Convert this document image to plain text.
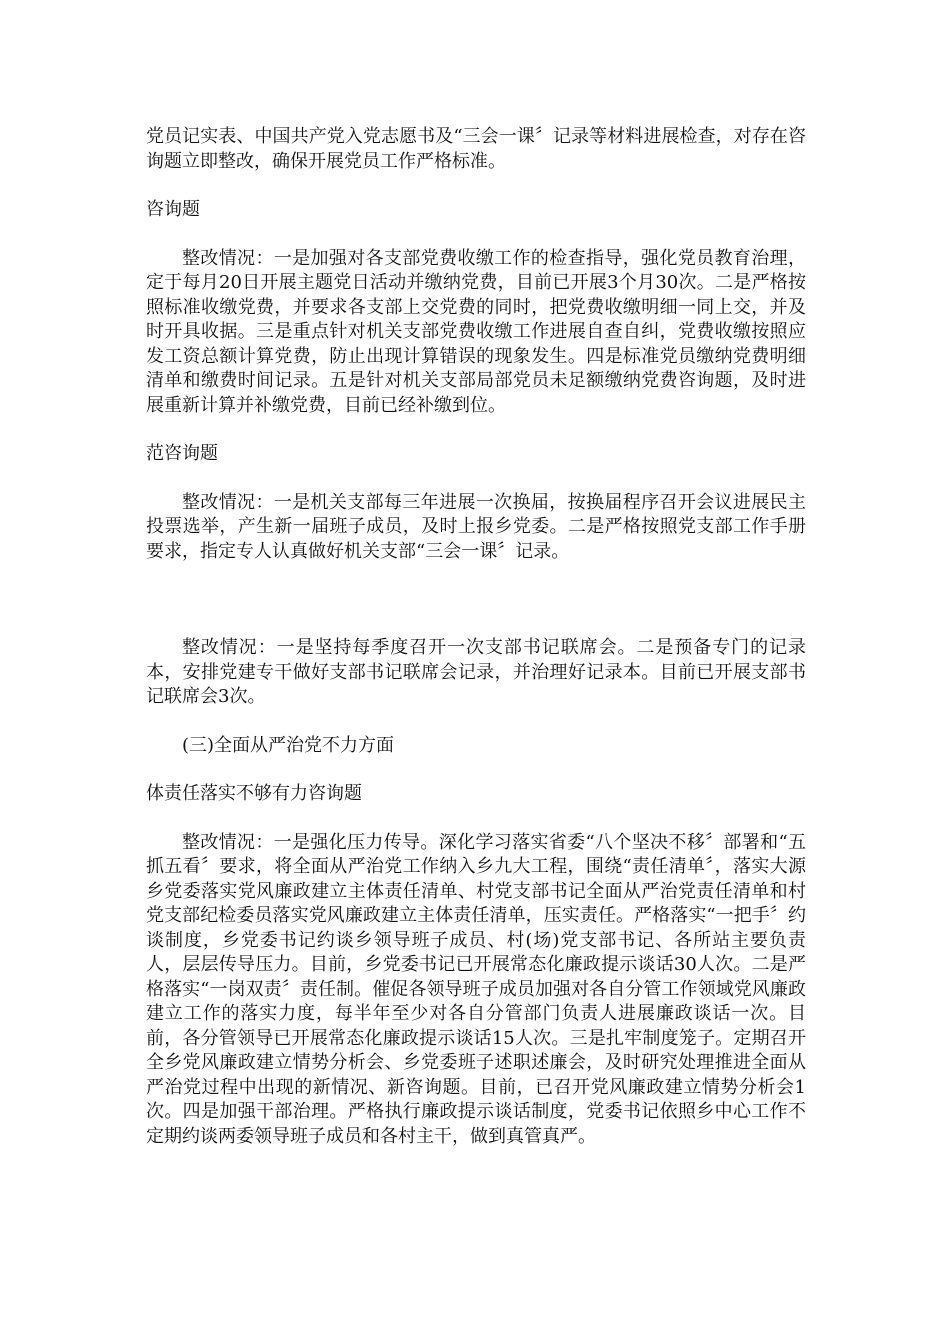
党员记实表、中国共产党入党志愿书及“三会一课〞记录等材料进展检查，对存在咨询题立即整改，确保开展党员工作严格标准。

咨询题

整改情况：一是加强对各支部党费收缴工作的检查指导，强化党员教育治理，定于每月20日开展主题党日活动并缴纳党费，目前已开展3个月30次。二是严格按照标准收缴党费，并要求各支部上交党费的同时，把党费收缴明细一同上交，并及时开具收据。三是重点针对机关支部党费收缴工作进展自查自纠，党费收缴按照应发工资总额计算党费，防止出现计算错误的现象发生。四是标准党员缴纳党费明细清单和缴费时间记录。五是针对机关支部局部党员未足额缴纳党费咨询题，及时进展重新计算并补缴党费，目前已经补缴到位。

范咨询题

整改情况：一是机关支部每三年进展一次换届，按换届程序召开会议进展民主投票选举，产生新一届班子成员，及时上报乡党委。二是严格按照党支部工作手册要求，指定专人认真做好机关支部“三会一课〞记录。

整改情况：一是坚持每季度召开一次支部书记联席会。二是预备专门的记录本，安排党建专干做好支部书记联席会记录，并治理好记录本。目前已开展支部书记联席会3次。

(三)全面从严治党不力方面

体责任落实不够有力咨询题

整改情况：一是强化压力传导。深化学习落实省委“八个坚决不移〞部署和“五抓五看〞要求，将全面从严治党工作纳入乡九大工程，围绕“责任清单〞，落实大源乡党委落实党风廉政建立主体责任清单、村党支部书记全面从严治党责任清单和村党支部纪检委员落实党风廉政建立主体责任清单，压实责任。严格落实“一把手〞约谈制度，乡党委书记约谈乡领导班子成员、村(场)党支部书记、各所站主要负责人，层层传导压力。目前，乡党委书记已开展常态化廉政提示谈话30人次。二是严格落实“一岗双责〞责任制。催促各领导班子成员加强对各自分管工作领域党风廉政建立工作的落实力度，每半年至少对各自分管部门负责人进展廉政谈话一次。目前，各分管领导已开展常态化廉政提示谈话15人次。三是扎牢制度笼子。定期召开全乡党风廉政建立情势分析会、乡党委班子述职述廉会，及时研究处理推进全面从严治党过程中出现的新情况、新咨询题。目前，已召开党风廉政建立情势分析会1次。四是加强干部治理。严格执行廉政提示谈话制度，党委书记依照乡中心工作不定期约谈两委领导班子成员和各村主干，做到真管真严。
